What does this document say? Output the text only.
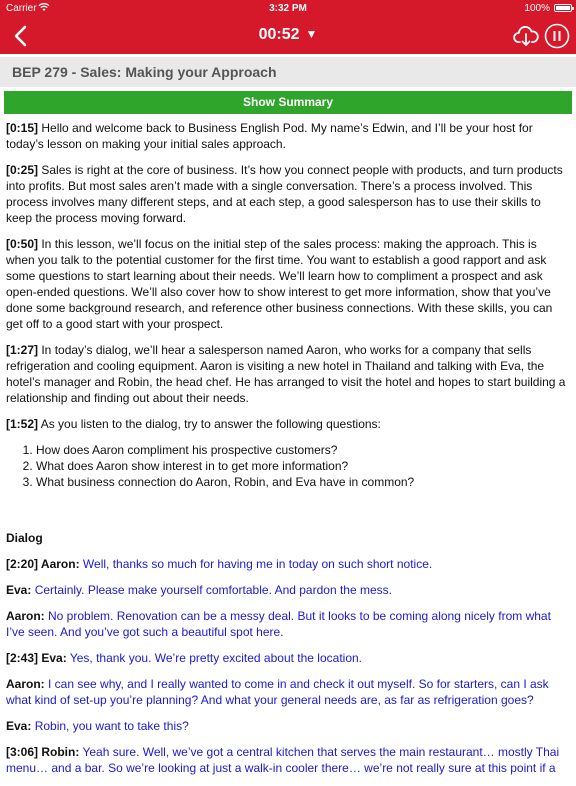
Carrier	3:32 PM	100%
00:52 ▼
BEP 279 - Sales: Making your Approach
Show Summary

[0:15] Hello and welcome back to Business English Pod. My name’s Edwin, and I’ll be your host for today’s lesson on making your initial sales approach.

[0:25] Sales is right at the core of business. It’s how you connect people with products, and turn products into profits. But most sales aren’t made with a single conversation. There’s a process involved. This process involves many different steps, and at each step, a good salesperson has to use their skills to keep the process moving forward.

[0:50] In this lesson, we’ll focus on the initial step of the sales process: making the approach. This is when you talk to the potential customer for the first time. You want to establish a good rapport and ask some questions to start learning about their needs. We’ll learn how to compliment a prospect and ask open-ended questions. We’ll also cover how to show interest to get more information, show that you’ve done some background research, and reference other business connections. With these skills, you can get off to a good start with your prospect.

[1:27] In today’s dialog, we’ll hear a salesperson named Aaron, who works for a company that sells refrigeration and cooling equipment. Aaron is visiting a new hotel in Thailand and talking with Eva, the hotel’s manager and Robin, the head chef. He has arranged to visit the hotel and hopes to start building a relationship and finding out about their needs.

[1:52] As you listen to the dialog, try to answer the following questions:

1. How does Aaron compliment his prospective customers?
2. What does Aaron show interest in to get more information?
3. What business connection do Aaron, Robin, and Eva have in common?
Dialog

[2:20] Aaron: Well, thanks so much for having me in today on such short notice.

Eva: Certainly. Please make yourself comfortable. And pardon the mess.

Aaron: No problem. Renovation can be a messy deal. But it looks to be coming along nicely from what I’ve seen. And you’ve got such a beautiful spot here.

[2:43] Eva: Yes, thank you. We’re pretty excited about the location.

Aaron: I can see why, and I really wanted to come in and check it out myself. So for starters, can I ask what kind of set-up you’re planning? And what your general needs are, as far as refrigeration goes?

Eva: Robin, you want to take this?

[3:06] Robin: Yeah sure. Well, we’ve got a central kitchen that serves the main restaurant… mostly Thai menu… and a bar. So we’re looking at just a walk-in cooler there… we’re not really sure at this point if a
